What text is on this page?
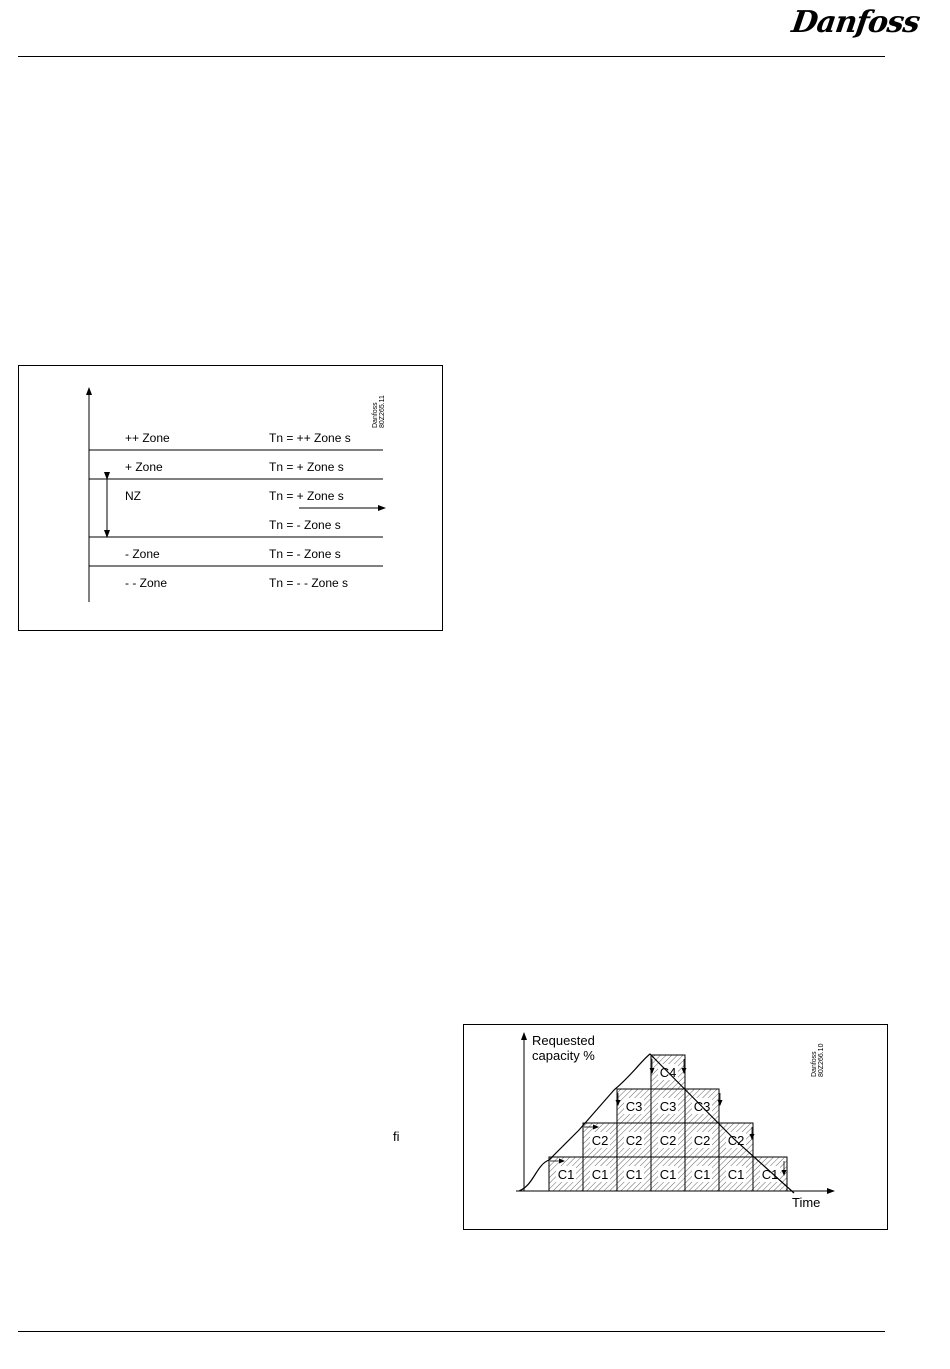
Danfoss
++ Zone	Tn = ++ Zone s
+ Zone	Tn = + Zone s
NZ	Tn = + Zone s
Tn = - Zone s
- Zone	Tn = - Zone s
- - Zone	Tn = - - Zone s
Danfoss 80Z265.11
C1 C1
C2
C1
C2
C3
C1
C2
C3
C4
C1
C2
C3
C1
C2
C1
Requested
capacity %
Time
Danfoss 80Z266.10
ﬁ
